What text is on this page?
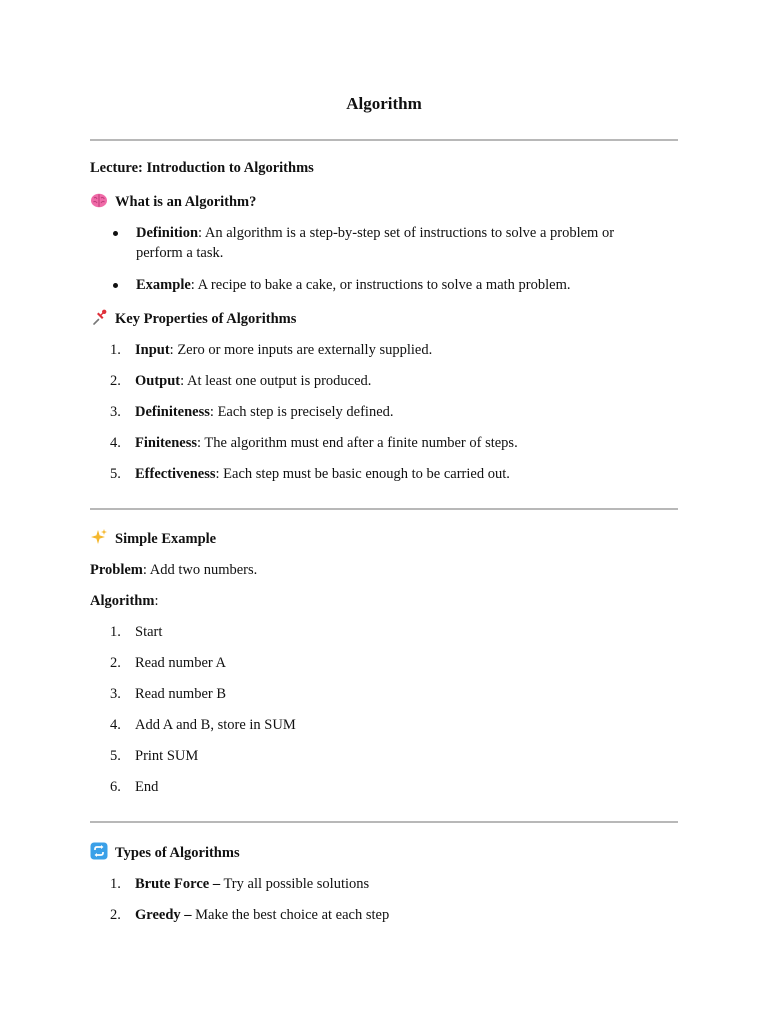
Algorithm
Lecture: Introduction to Algorithms
What is an Algorithm?
Definition: An algorithm is a step-by-step set of instructions to solve a problem or perform a task.
Example: A recipe to bake a cake, or instructions to solve a math problem.
Key Properties of Algorithms
1. Input: Zero or more inputs are externally supplied.
2. Output: At least one output is produced.
3. Definiteness: Each step is precisely defined.
4. Finiteness: The algorithm must end after a finite number of steps.
5. Effectiveness: Each step must be basic enough to be carried out.
Simple Example
Problem: Add two numbers.
Algorithm:
1. Start
2. Read number A
3. Read number B
4. Add A and B, store in SUM
5. Print SUM
6. End
Types of Algorithms
1. Brute Force – Try all possible solutions
2. Greedy – Make the best choice at each step
